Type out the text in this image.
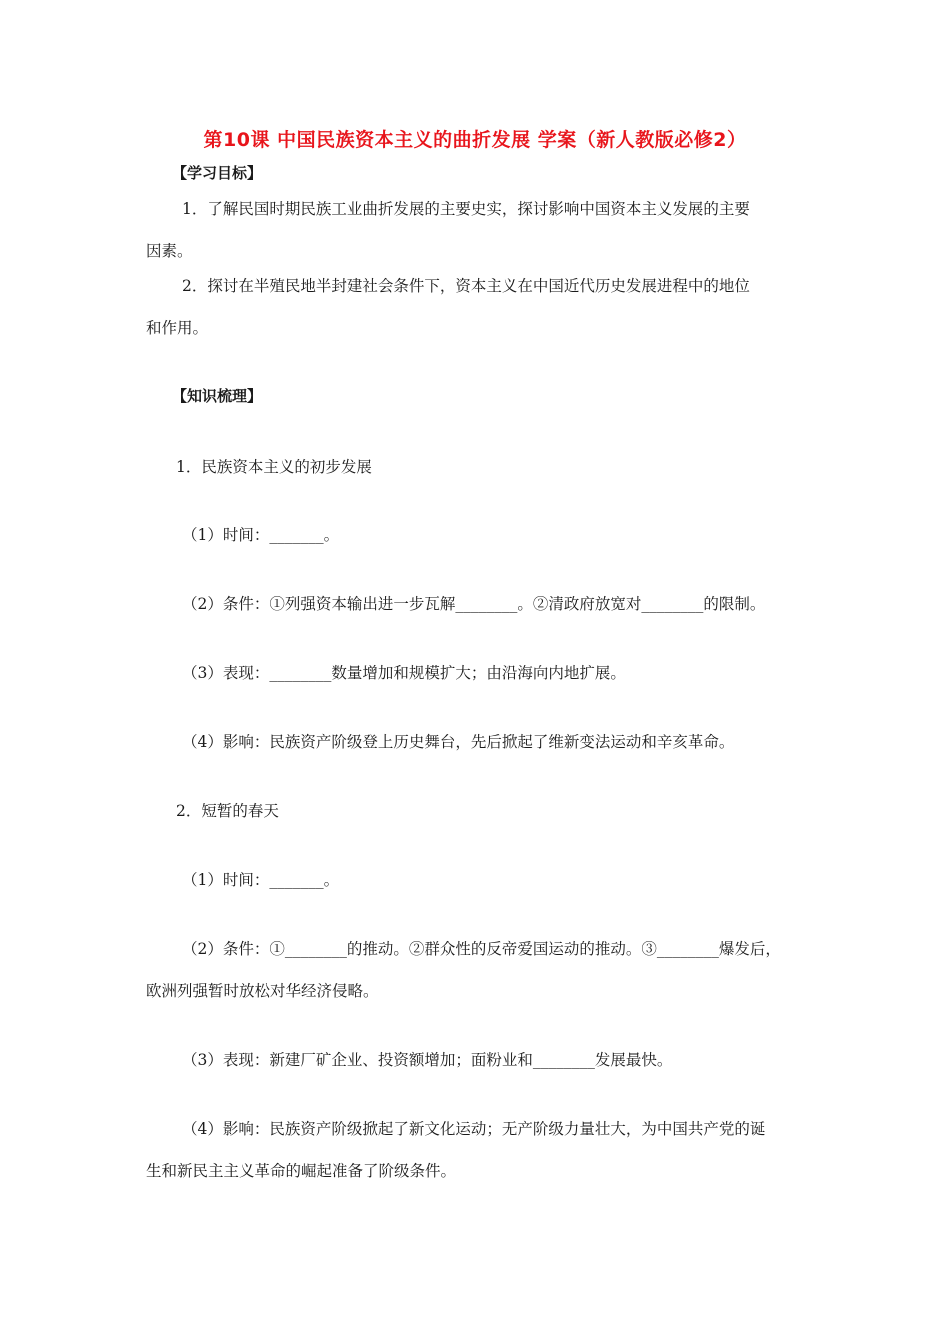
第10课 中国民族资本主义的曲折发展 学案（新人教版必修2）
【学习目标】
1．了解民国时期民族工业曲折发展的主要史实，探讨影响中国资本主义发展的主要
因素。
2．探讨在半殖民地半封建社会条件下，资本主义在中国近代历史发展进程中的地位
和作用。
【知识梳理】
1．民族资本主义的初步发展
（1）时间：_______。
（2）条件：①列强资本输出进一步瓦解________。②清政府放宽对________的限制。
（3）表现：________数量增加和规模扩大；由沿海向内地扩展。
（4）影响：民族资产阶级登上历史舞台，先后掀起了维新变法运动和辛亥革命。
2．短暂的春天
（1）时间：_______。
（2）条件：①________的推动。②群众性的反帝爱国运动的推动。③________爆发后，
欧洲列强暂时放松对华经济侵略。
（3）表现：新建厂矿企业、投资额增加；面粉业和________发展最快。
（4）影响：民族资产阶级掀起了新文化运动；无产阶级力量壮大，为中国共产党的诞
生和新民主主义革命的崛起准备了阶级条件。
